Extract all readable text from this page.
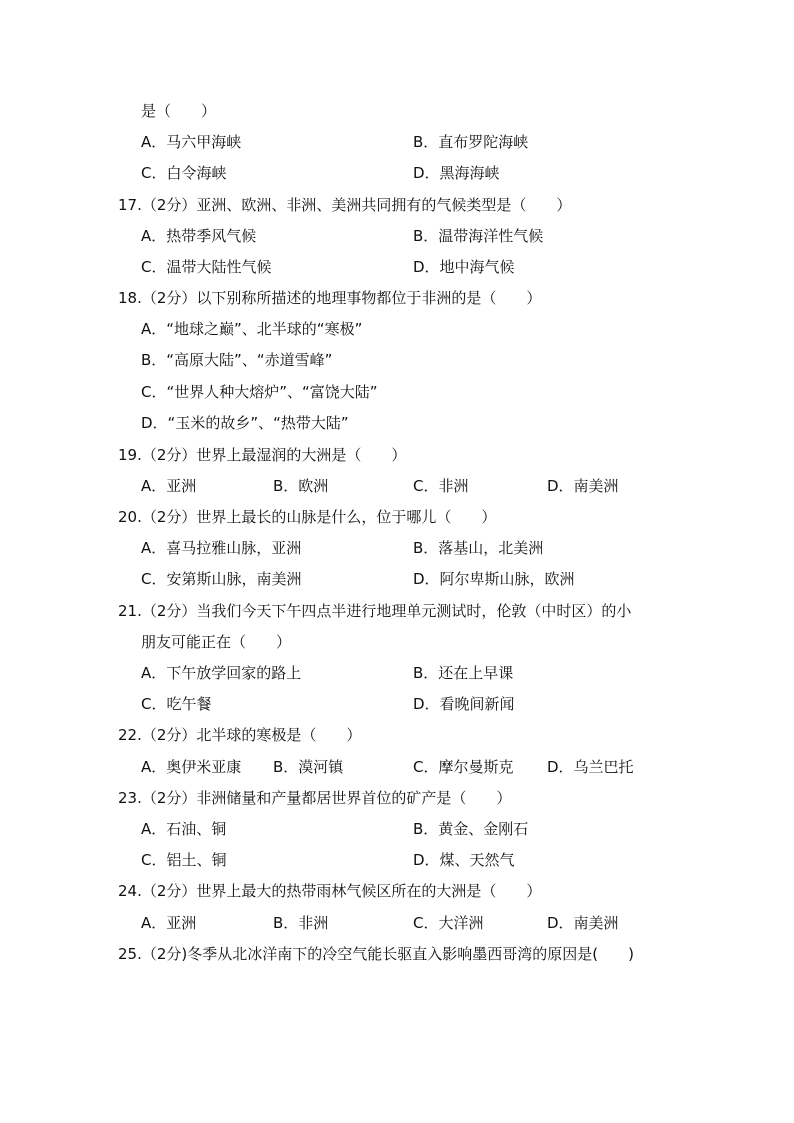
是（　　）
A．马六甲海峡	B．直布罗陀海峡
C．白令海峡	D．黑海海峡
17.（2分）亚洲、欧洲、非洲、美洲共同拥有的气候类型是（　　）
A．热带季风气候	B．温带海洋性气候
C．温带大陆性气候	D．地中海气候
18.（2分）以下别称所描述的地理事物都位于非洲的是（　　）
A．“地球之巅”、北半球的“寒极”
B．“高原大陆”、“赤道雪峰”
C．“世界人种大熔炉”、“富饶大陆”
D．“玉米的故乡”、“热带大陆”
19.（2分）世界上最湿润的大洲是（　　）
A．亚洲	B．欧洲	C．非洲	D．南美洲
20.（2分）世界上最长的山脉是什么，位于哪儿（　　）
A．喜马拉雅山脉，亚洲	B．落基山，北美洲
C．安第斯山脉，南美洲	D．阿尔卑斯山脉，欧洲
21.（2分）当我们今天下午四点半进行地理单元测试时，伦敦（中时区）的小
朋友可能正在（　　）
A．下午放学回家的路上	B．还在上早课
C．吃午餐	D．看晚间新闻
22.（2分）北半球的寒极是（　　）
A．奥伊米亚康 B．漠河镇	C．摩尔曼斯克 D．乌兰巴托
23.（2分）非洲储量和产量都居世界首位的矿产是（　　）
A．石油、铜	B．黄金、金刚石
C．铝土、铜	D．煤、天然气
24.（2分）世界上最大的热带雨林气候区所在的大洲是（　　）
A．亚洲	B．非洲	C．大洋洲	D．南美洲
25.（2分)冬季从北冰洋南下的冷空气能长驱直入影响墨西哥湾的原因是(　　)
